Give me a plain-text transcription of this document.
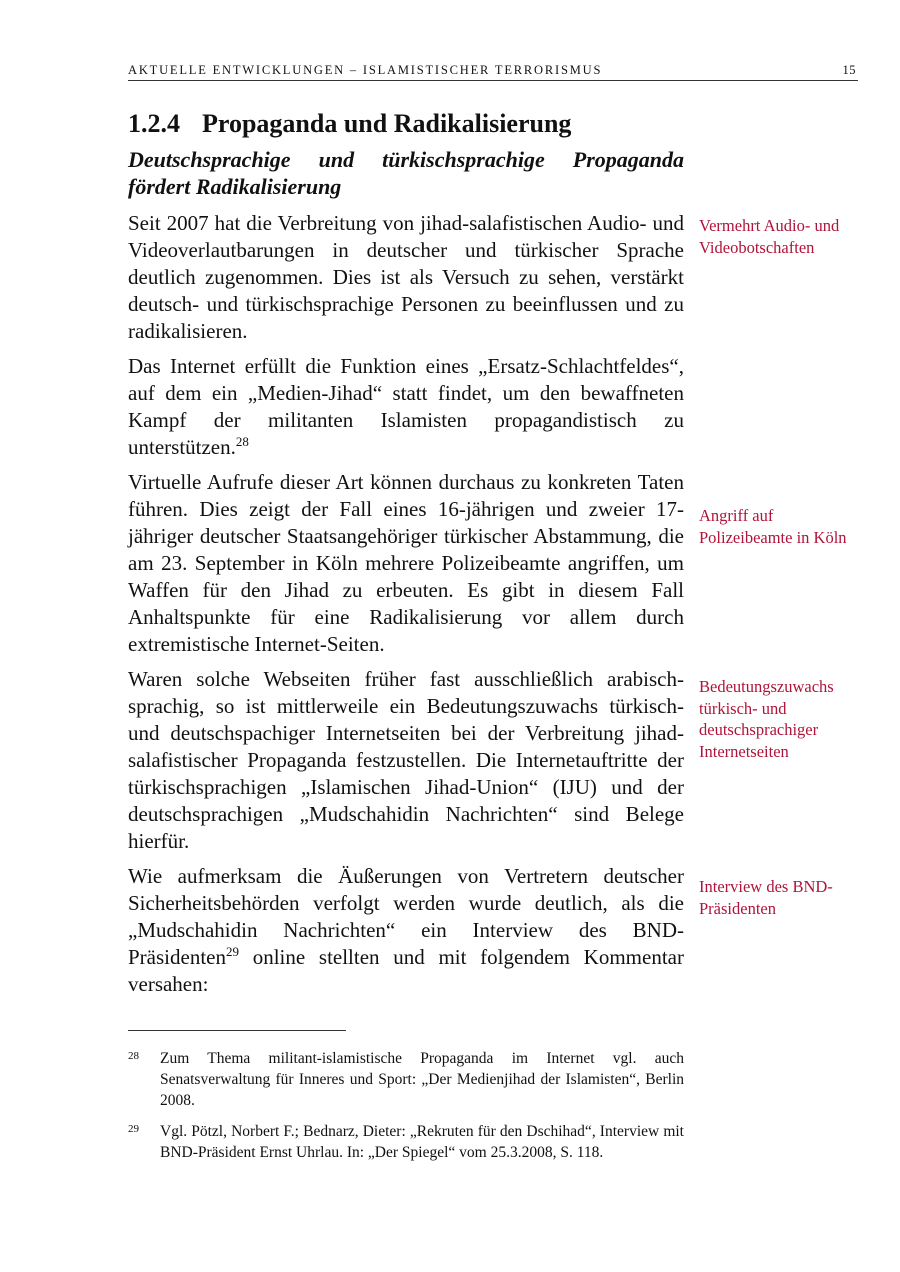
AKTUELLE ENTWICKLUNGEN – ISLAMISTISCHER TERRORISMUS	15
1.2.4 Propaganda und Radikalisierung
Deutschsprachige und türkischsprachige Propaganda fördert Radikalisierung

Seit 2007 hat die Verbreitung von jihad-salafistischen Audio- und Videoverlautbarungen in deutscher und türkischer Sprache deutlich zugenommen. Dies ist als Versuch zu sehen, verstärkt deutsch- und türkischsprachige Personen zu beeinflussen und zu radikalisieren.

Das Internet erfüllt die Funktion eines „Ersatz-Schlachtfeldes“, auf dem ein „Medien-Jihad“ statt findet, um den bewaffneten Kampf der militanten Islamisten propagandistisch zu unterstützen.$^{28}$

Virtuelle Aufrufe dieser Art können durchaus zu konkreten Taten führen. Dies zeigt der Fall eines 16-jährigen und zweier 17-jähriger deutscher Staatsangehöriger türkischer Abstammung, die am 23. September in Köln mehrere Polizeibeamte angriffen, um Waffen für den Jihad zu erbeuten. Es gibt in diesem Fall Anhaltspunkte für eine Radikalisierung vor allem durch extremistische Internet-Seiten.

Waren solche Webseiten früher fast ausschließlich arabischsprachig, so ist mittlerweile ein Bedeutungszuwachs türkisch- und deutschspachiger Internetseiten bei der Verbreitung jihad-salafistischer Propaganda festzustellen. Die Internetauftritte der türkischsprachigen „Islamischen Jihad-Union“ (IJU) und der deutschsprachigen „Mudschahidin Nachrichten“ sind Belege hierfür.

Wie aufmerksam die Äußerungen von Vertretern deutscher Sicherheitsbehörden verfolgt werden wurde deutlich, als die „Mudschahidin Nachrichten“ ein Interview des BND-Präsidenten$^{29}$ online stellten und mit folgendem Kommentar versahen:

Vermehrt Audio- und Videobotschaften
Angriff auf Polizeibeamte in Köln
Bedeutungszuwachs türkisch- und deutschsprachiger Internetseiten
Interview des BND-Präsidenten
28 Zum Thema militant-islamistische Propaganda im Internet vgl. auch Senatsverwaltung für Inneres und Sport: „Der Medienjihad der Islamisten“, Berlin 2008.
29 Vgl. Pötzl, Norbert F.; Bednarz, Dieter: „Rekruten für den Dschihad“, Interview mit BND-Präsident Ernst Uhrlau. In: „Der Spiegel“ vom 25.3.2008, S. 118.
